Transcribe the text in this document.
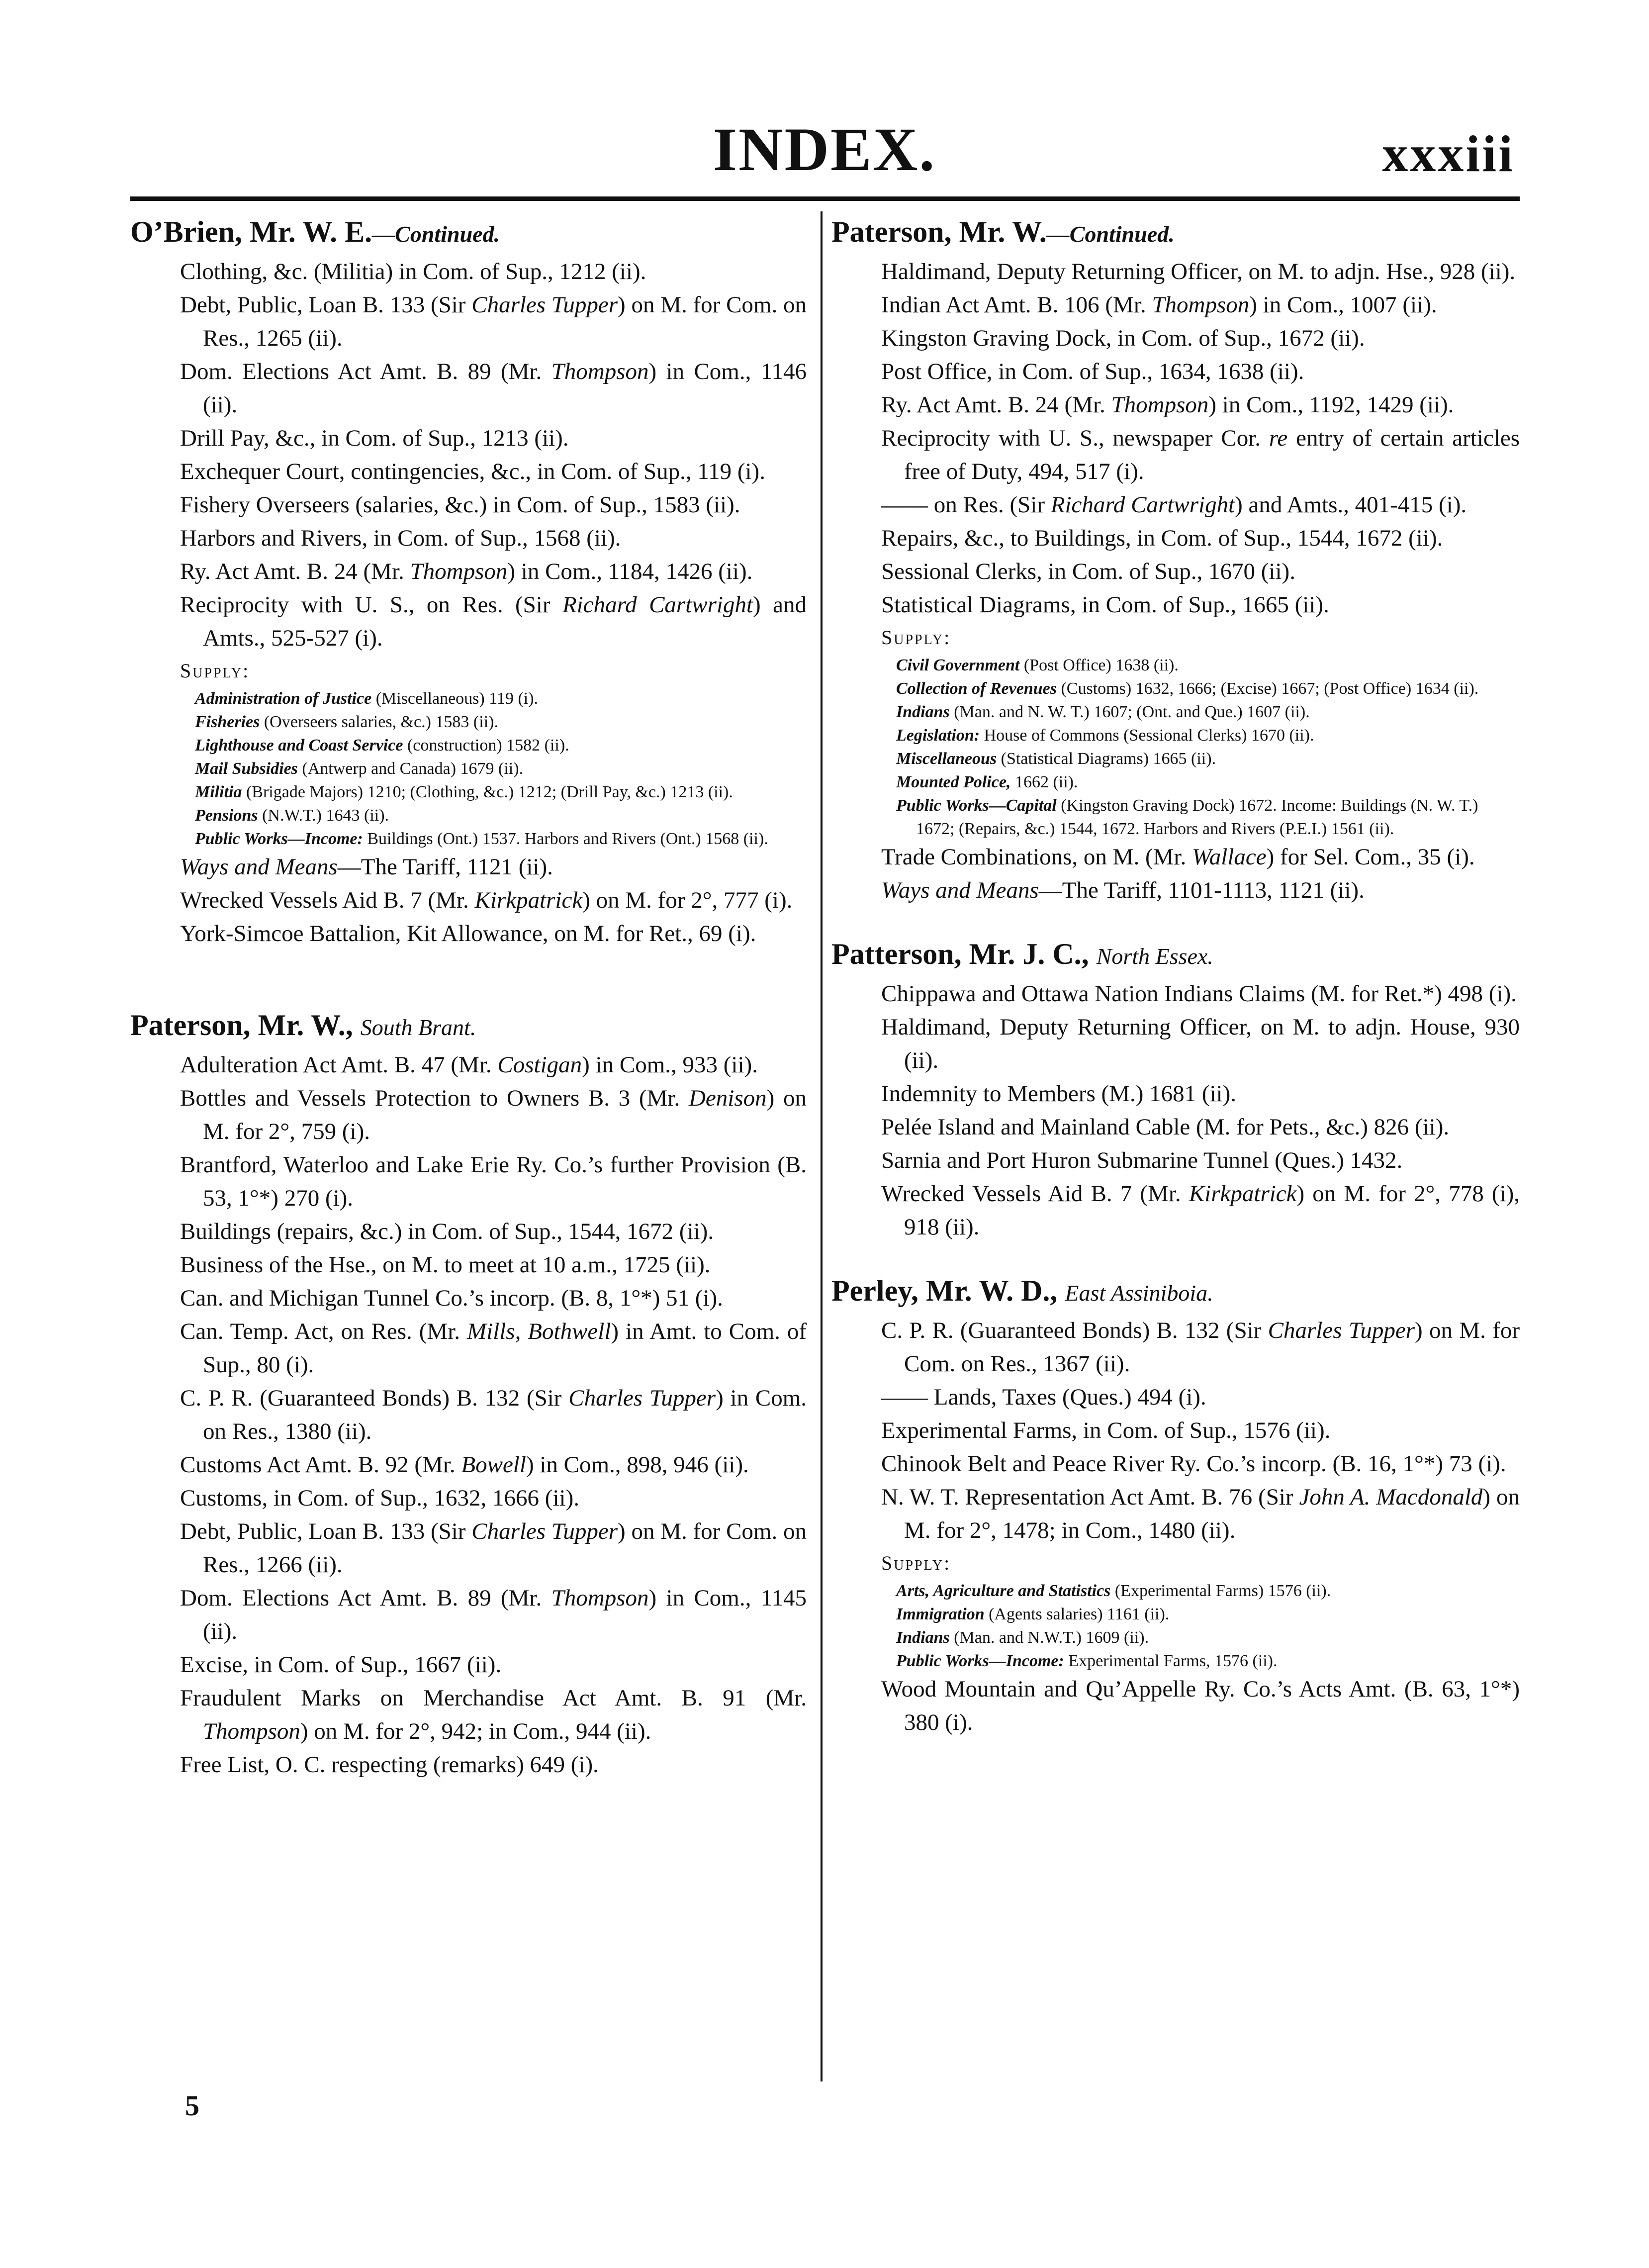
INDEX.	xxxiii
O’Brien, Mr. W. E.—Continued.
Clothing, &c. (Militia) in Com. of Sup., 1212 (ii).
Debt, Public, Loan B. 133 (Sir Charles Tupper) on M. for Com. on Res., 1265 (ii).
Dom. Elections Act Amt. B. 89 (Mr. Thompson) in Com., 1146 (ii).
Drill Pay, &c., in Com. of Sup., 1213 (ii).
Exchequer Court, contingencies, &c., in Com. of Sup., 119 (i).
Fishery Overseers (salaries, &c.) in Com. of Sup., 1583 (ii).
Harbors and Rivers, in Com. of Sup., 1568 (ii).
Ry. Act Amt. B. 24 (Mr. Thompson) in Com., 1184, 1426 (ii).
Reciprocity with U. S., on Res. (Sir Richard Cartwright) and Amts., 525-527 (i).
Supply:
Administration of Justice (Miscellaneous) 119 (i).
Fisheries (Overseers salaries, &c.) 1583 (ii).
Lighthouse and Coast Service (construction) 1582 (ii).
Mail Subsidies (Antwerp and Canada) 1679 (ii).
Militia (Brigade Majors) 1210; (Clothing, &c.) 1212; (Drill Pay, &c.) 1213 (ii).
Pensions (N.W.T.) 1643 (ii).
Public Works—Income: Buildings (Ont.) 1537. Harbors and Rivers (Ont.) 1568 (ii).
Ways and Means—The Tariff, 1121 (ii).
Wrecked Vessels Aid B. 7 (Mr. Kirkpatrick) on M. for 2°, 777 (i).
York-Simcoe Battalion, Kit Allowance, on M. for Ret., 69 (i).
Paterson, Mr. W., South Brant.
Adulteration Act Amt. B. 47 (Mr. Costigan) in Com., 933 (ii).
Bottles and Vessels Protection to Owners B. 3 (Mr. Denison) on M. for 2°, 759 (i).
Brantford, Waterloo and Lake Erie Ry. Co.’s further Provision (B. 53, 1°*) 270 (i).
Buildings (repairs, &c.) in Com. of Sup., 1544, 1672 (ii).
Business of the Hse., on M. to meet at 10 a.m., 1725 (ii).
Can. and Michigan Tunnel Co.’s incorp. (B. 8, 1°*) 51 (i).
Can. Temp. Act, on Res. (Mr. Mills, Bothwell) in Amt. to Com. of Sup., 80 (i).
C. P. R. (Guaranteed Bonds) B. 132 (Sir Charles Tupper) in Com. on Res., 1380 (ii).
Customs Act Amt. B. 92 (Mr. Bowell) in Com., 898, 946 (ii).
Customs, in Com. of Sup., 1632, 1666 (ii).
Debt, Public, Loan B. 133 (Sir Charles Tupper) on M. for Com. on Res., 1266 (ii).
Dom. Elections Act Amt. B. 89 (Mr. Thompson) in Com., 1145 (ii).
Excise, in Com. of Sup., 1667 (ii).
Fraudulent Marks on Merchandise Act Amt. B. 91 (Mr. Thompson) on M. for 2°, 942; in Com., 944 (ii).
Free List, O. C. respecting (remarks) 649 (i).
Paterson, Mr. W.—Continued.
Haldimand, Deputy Returning Officer, on M. to adjn. Hse., 928 (ii).
Indian Act Amt. B. 106 (Mr. Thompson) in Com., 1007 (ii).
Kingston Graving Dock, in Com. of Sup., 1672 (ii).
Post Office, in Com. of Sup., 1634, 1638 (ii).
Ry. Act Amt. B. 24 (Mr. Thompson) in Com., 1192, 1429 (ii).
Reciprocity with U. S., newspaper Cor. re entry of certain articles free of Duty, 494, 517 (i).
—— on Res. (Sir Richard Cartwright) and Amts., 401-415 (i).
Repairs, &c., to Buildings, in Com. of Sup., 1544, 1672 (ii).
Sessional Clerks, in Com. of Sup., 1670 (ii).
Statistical Diagrams, in Com. of Sup., 1665 (ii).
Supply:
Civil Government (Post Office) 1638 (ii).
Collection of Revenues (Customs) 1632, 1666; (Excise) 1667; (Post Office) 1634 (ii).
Indians (Man. and N. W. T.) 1607; (Ont. and Que.) 1607 (ii).
Legislation: House of Commons (Sessional Clerks) 1670 (ii).
Miscellaneous (Statistical Diagrams) 1665 (ii).
Mounted Police, 1662 (ii).
Public Works—Capital (Kingston Graving Dock) 1672. Income: Buildings (N. W. T.) 1672; (Repairs, &c.) 1544, 1672. Harbors and Rivers (P.E.I.) 1561 (ii).
Trade Combinations, on M. (Mr. Wallace) for Sel. Com., 35 (i).
Ways and Means—The Tariff, 1101-1113, 1121 (ii).
Patterson, Mr. J. C., North Essex.
Chippawa and Ottawa Nation Indians Claims (M. for Ret.*) 498 (i).
Haldimand, Deputy Returning Officer, on M. to adjn. House, 930 (ii).
Indemnity to Members (M.) 1681 (ii).
Pelée Island and Mainland Cable (M. for Pets., &c.) 826 (ii).
Sarnia and Port Huron Submarine Tunnel (Ques.) 1432.
Wrecked Vessels Aid B. 7 (Mr. Kirkpatrick) on M. for 2°, 778 (i), 918 (ii).
Perley, Mr. W. D., East Assiniboia.
C. P. R. (Guaranteed Bonds) B. 132 (Sir Charles Tupper) on M. for Com. on Res., 1367 (ii).
—— Lands, Taxes (Ques.) 494 (i).
Experimental Farms, in Com. of Sup., 1576 (ii).
Chinook Belt and Peace River Ry. Co.’s incorp. (B. 16, 1°*) 73 (i).
N. W. T. Representation Act Amt. B. 76 (Sir John A. Macdonald) on M. for 2°, 1478; in Com., 1480 (ii).
Supply:
Arts, Agriculture and Statistics (Experimental Farms) 1576 (ii).
Immigration (Agents salaries) 1161 (ii).
Indians (Man. and N.W.T.) 1609 (ii).
Public Works—Income: Experimental Farms, 1576 (ii).
Wood Mountain and Qu’Appelle Ry. Co.’s Acts Amt. (B. 63, 1°*) 380 (i).
5
